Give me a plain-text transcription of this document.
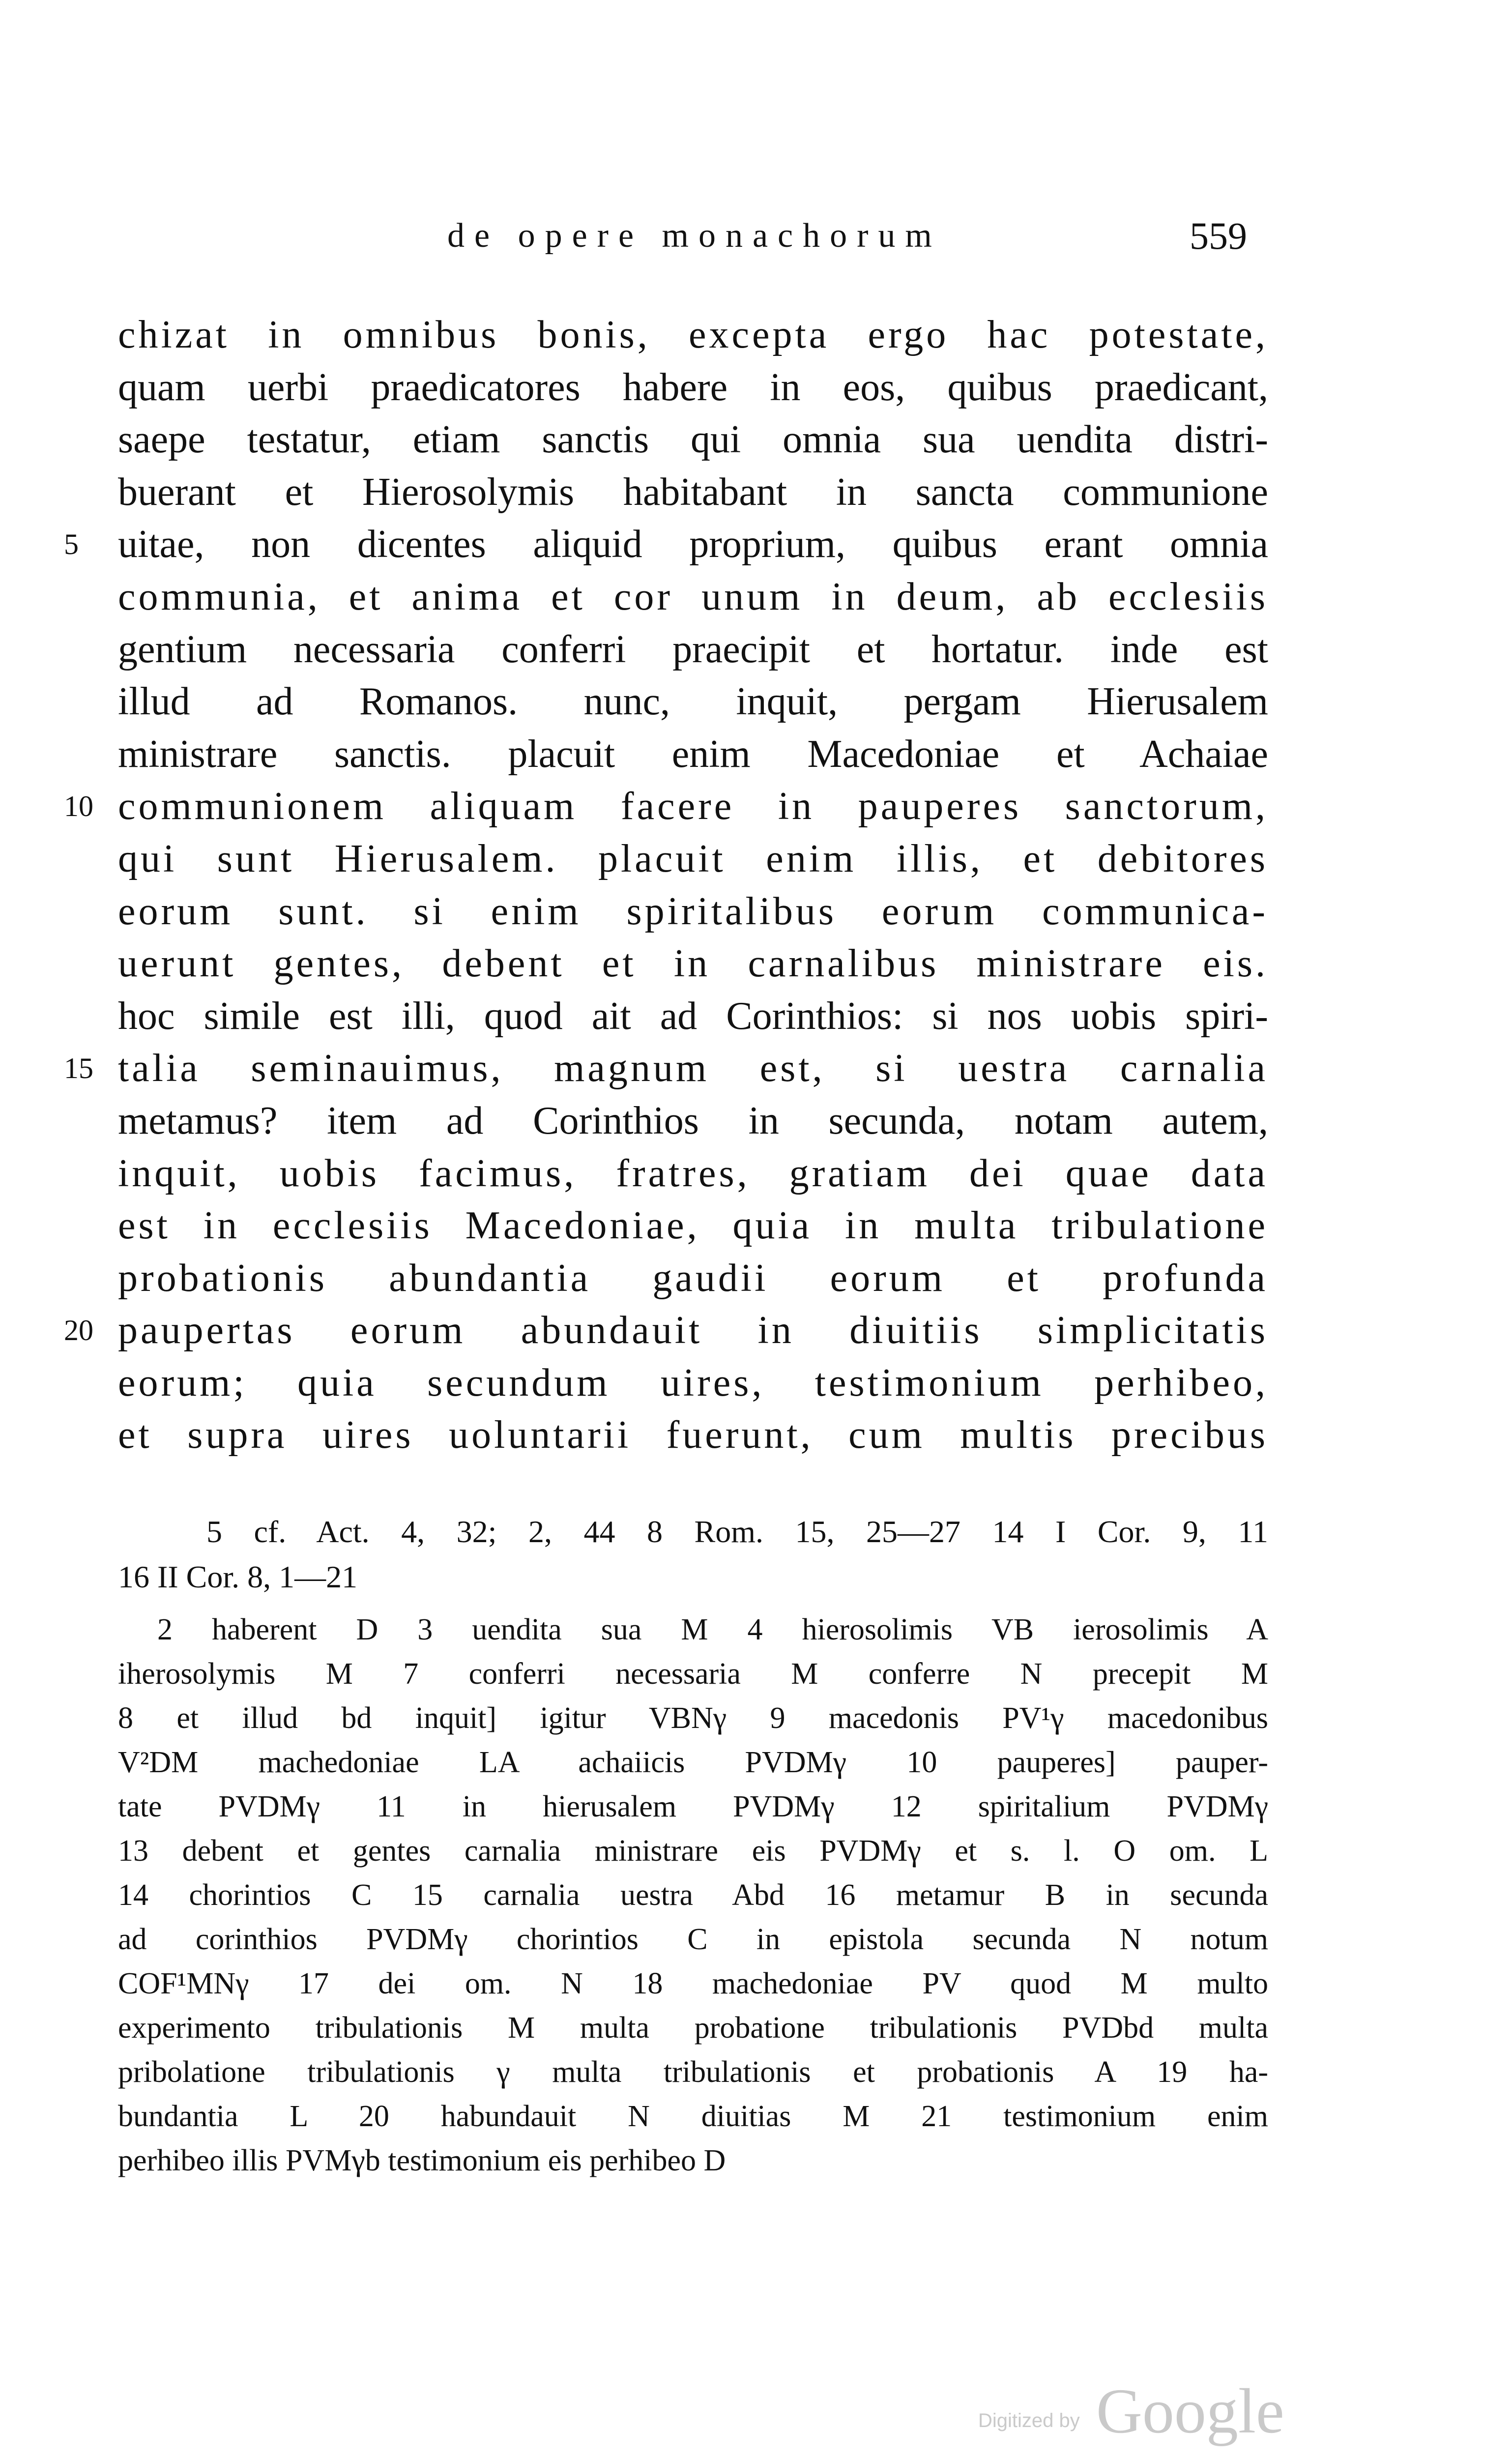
de opere monachorum	559
chizat in omnibus bonis, excepta ergo hac potestate,
quam uerbi praedicatores habere in eos, quibus praedicant,
saepe testatur, etiam sanctis qui omnia sua uendita distri-
buerant et Hierosolymis habitabant in sancta communione
5	uitae, non dicentes aliquid proprium, quibus erant omnia
communia, et anima et cor unum in deum, ab ecclesiis
gentium necessaria conferri praecipit et hortatur. inde est
illud ad Romanos. nunc, inquit, pergam Hierusalem
ministrare sanctis. placuit enim Macedoniae et Achaiae
10 communionem aliquam facere in pauperes sanctorum,
qui sunt Hierusalem. placuit enim illis, et debitores
eorum sunt. si enim spiritalibus eorum communica-
uerunt gentes, debent et in carnalibus ministrare eis.
hoc simile est illi, quod ait ad Corinthios: si nos uobis spiri-
15 talia seminauimus, magnum est, si uestra carnalia
metamus? item ad Corinthios in secunda, notam autem,
inquit, uobis facimus, fratres, gratiam dei quae data
est in ecclesiis Macedoniae, quia in multa tribulatione
probationis abundantia gaudii eorum et profunda
20 paupertas eorum abundauit in diuitiis simplicitatis
eorum; quia secundum uires, testimonium perhibeo,
et supra uires uoluntarii fuerunt, cum multis precibus
5 cf. Act. 4, 32; 2, 44 8 Rom. 15, 25—27 14 I Cor. 9, 11
16 II Cor. 8, 1—21
2 haberent D 3 uendita sua M 4 hierosolimis VB ierosolimis A
iherosolymis M 7 conferri necessaria M conferre N precepit M
8 et illud bd inquit] igitur VBNγ 9 macedonis PV¹γ macedonibus
V²DM machedoniae LA achaiicis PVDMγ 10 pauperes] pauper-
tate PVDMγ 11 in hierusalem PVDMγ 12 spiritalium PVDMγ
13 debent et gentes carnalia ministrare eis PVDMγ et s. l. O om. L
14 chorintios C 15 carnalia uestra Abd 16 metamur B in secunda
ad corinthios PVDMγ chorintios C in epistola secunda N notum
COF¹MNγ 17 dei om. N 18 machedoniae PV quod M multo
experimento tribulationis M multa probatione tribulationis PVDbd multa
pribolatione tribulationis γ multa tribulationis et probationis A 19 ha-
bundantia L 20 habundauit N diuitias M 21 testimonium enim
perhibeo illis PVMγb testimonium eis perhibeo D
Digitized by Google
